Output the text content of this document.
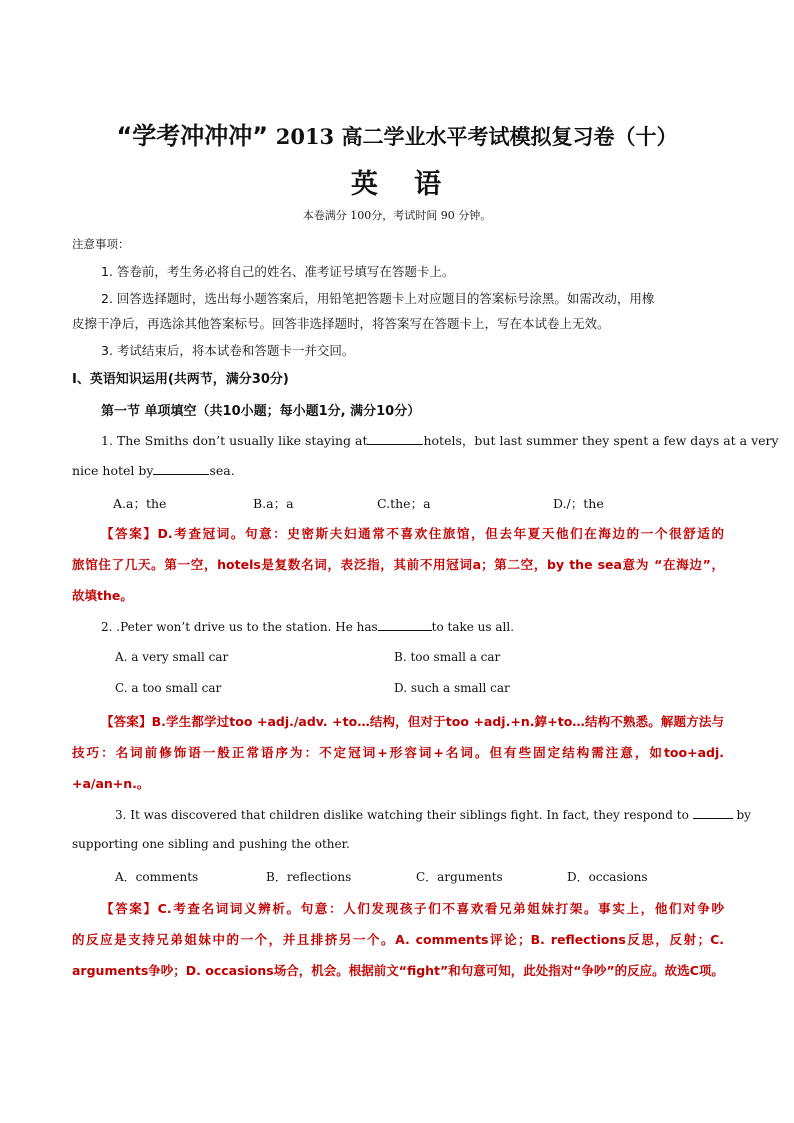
“学考冲冲冲” 2013 高二学业水平考试模拟复习卷（十）
英   语
本卷满分 100分，考试时间 90 分钟。
注意事项：
1. 答卷前，考生务必将自己的姓名、准考证号填写在答题卡上。
2. 回答选择题时，选出每小题答案后，用铅笔把答题卡上对应题目的答案标号涂黑。如需改动，用橡
皮擦干净后，再选涂其他答案标号。回答非选择题时，将答案写在答题卡上，写在本试卷上无效。
3. 考试结束后，将本试卷和答题卡一并交回。
I、英语知识运用(共两节，满分30分)
第一节 单项填空（共10小题；每小题1分, 满分10分）
1. The Smiths don’t usually like staying at	hotels，but last summer they spent a few days at a very
nice hotel by	sea.
A.a；the	B.a；a	C.the；a	D./；the
【答案】D.考查冠词。句意：史密斯夫妇通常不喜欢住旅馆，但去年夏天他们在海边的一个很舒适的
旅馆住了几天。第一空，hotels是复数名词，表泛指，其前不用冠词a；第二空，by the sea意为 “在海边”，
故填the。
2. .Peter won’t drive us to the station. He has	to take us all.
A. a very small car	B. too small a car
C. a too small car	D. such a small car
【答案】B.学生都学过too +adj./adv. +to…结构，但对于too +adj.+n.錞+to…结构不熟悉。解题方法与
技巧：名词前修饰语一般正常语序为：不定冠词+形容词+名词。但有些固定结构需注意，如too+adj.
+a/an+n.。
3. It was discovered that children dislike watching their siblings fight. In fact, they respond to	by
supporting one sibling and pushing the other.
A．comments	B．reflections	C．arguments	D．occasions
【答案】C.考查名词词义辨析。句意：人们发现孩子们不喜欢看兄弟姐妹打架。事实上，他们对争吵
的反应是支持兄弟姐妹中的一个，并且排挤另一个。A. comments评论；B. reflections反思，反射；C.
arguments争吵；D. occasions场合，机会。根据前文“fight”和句意可知，此处指对“争吵”的反应。故选C项。
